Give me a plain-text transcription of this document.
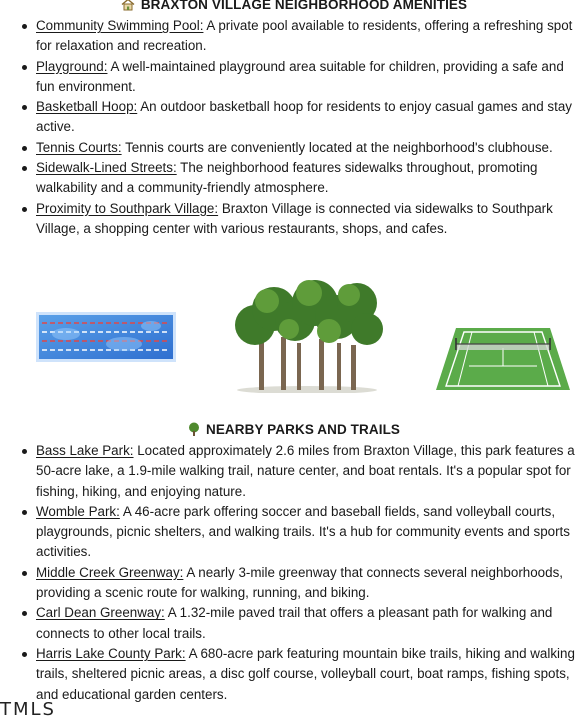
BRAXTON VILLAGE NEIGHBORHOOD AMENITIES
Community Swimming Pool: A private pool available to residents, offering a refreshing spot for relaxation and recreation.
Playground: A well-maintained playground area suitable for children, providing a safe and fun environment.
Basketball Hoop: An outdoor basketball hoop for residents to enjoy casual games and stay active.
Tennis Courts: Tennis courts are conveniently located at the neighborhood's clubhouse.
Sidewalk-Lined Streets: The neighborhood features sidewalks throughout, promoting walkability and a community-friendly atmosphere.
Proximity to Southpark Village: Braxton Village is connected via sidewalks to Southpark Village, a shopping center with various restaurants, shops, and cafes.
NEARBY PARKS AND TRAILS
Bass Lake Park: Located approximately 2.6 miles from Braxton Village, this park features a 50-acre lake, a 1.9-mile walking trail, nature center, and boat rentals. It's a popular spot for fishing, hiking, and enjoying nature.
Womble Park: A 46-acre park offering soccer and baseball fields, sand volleyball courts, playgrounds, picnic shelters, and walking trails. It's a hub for community events and sports activities.
Middle Creek Greenway: A nearly 3-mile greenway that connects several neighborhoods, providing a scenic route for walking, running, and biking.
Carl Dean Greenway: A 1.32-mile paved trail that offers a pleasant path for walking and connects to other local trails.
Harris Lake County Park: A 680-acre park featuring mountain bike trails, hiking and walking trails, sheltered picnic areas, a disc golf course, volleyball court, boat ramps, fishing spots, and educational garden centers.
TMLS
